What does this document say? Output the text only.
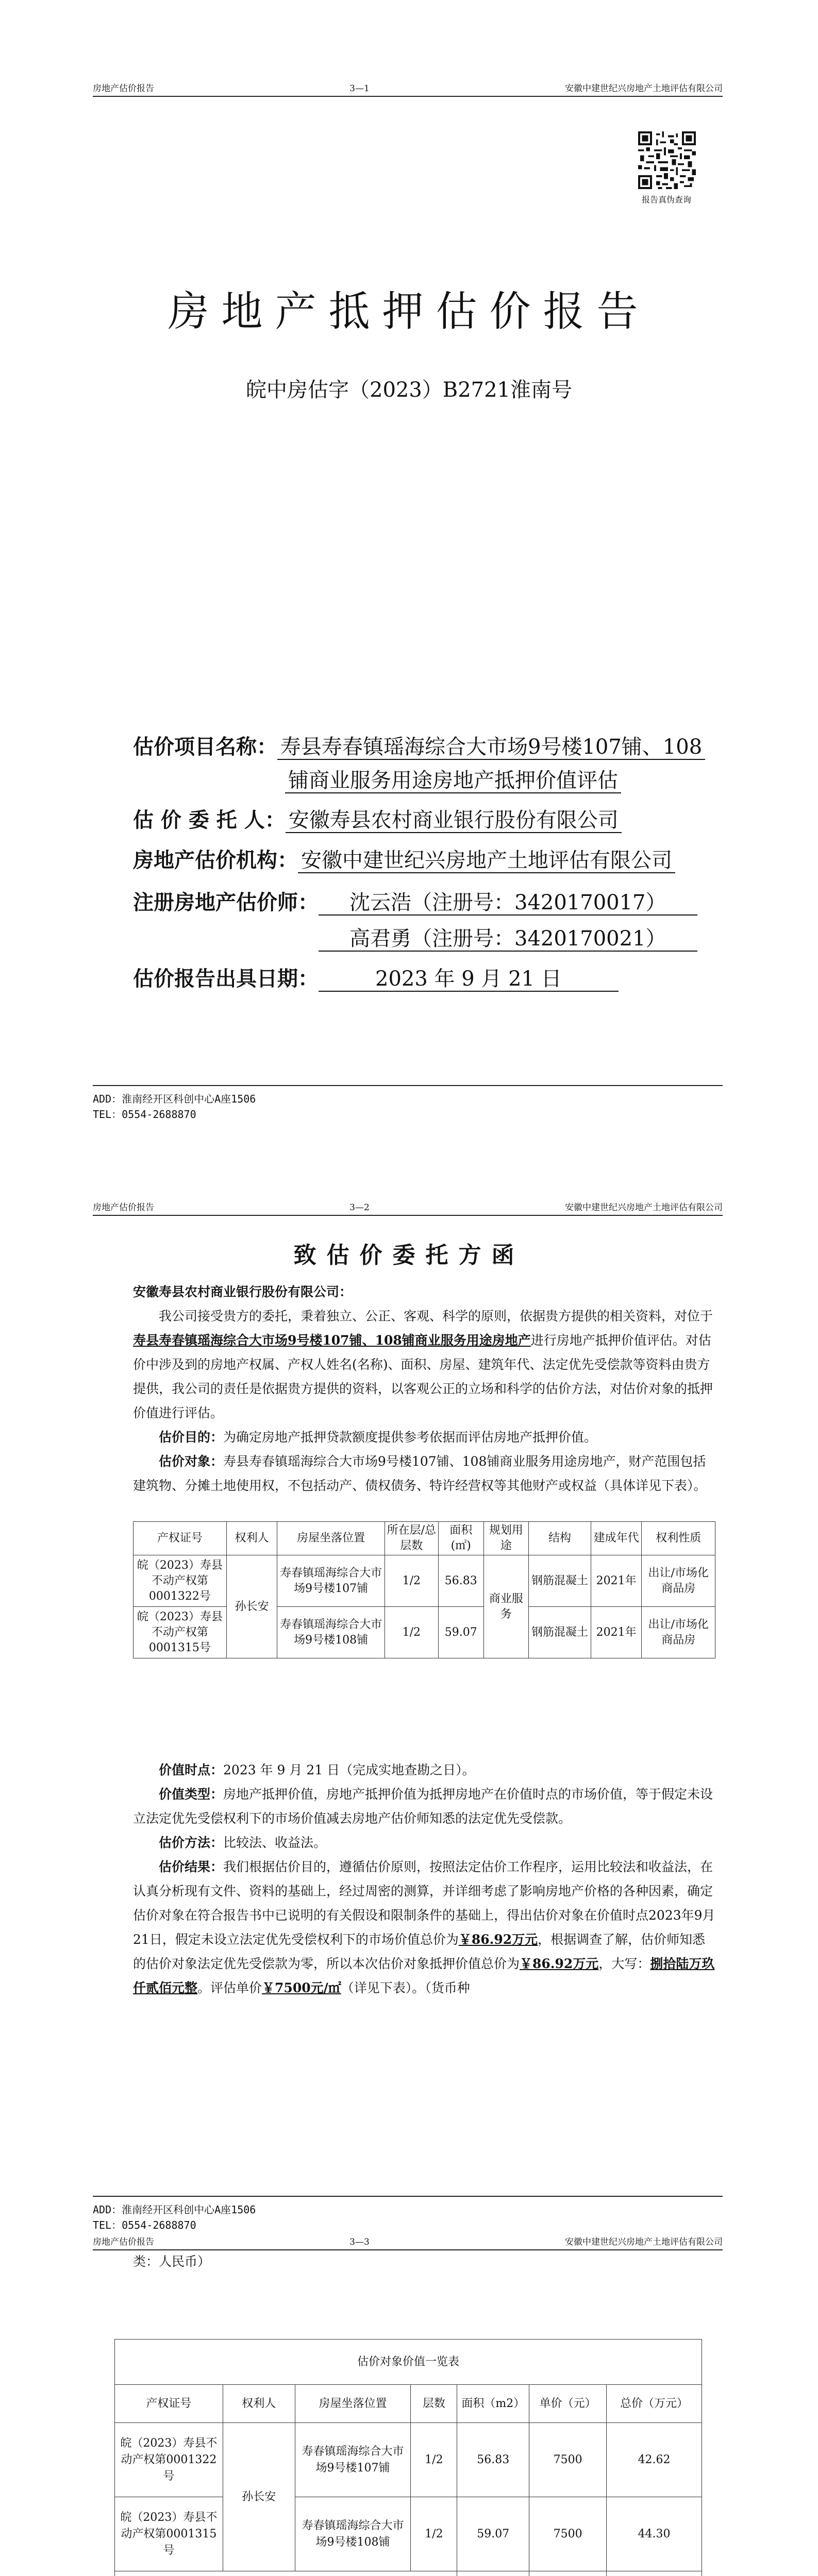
房地产估价报告	3—1	安徽中建世纪兴房地产土地评估有限公司
报告真伪查询
房地产抵押估价报告
皖中房估字（2023）B2721淮南号
估价项目名称： 寿县寿春镇瑶海综合大市场9号楼107铺、108
铺商业服务用途房地产抵押价值评估
估 价 委 托 人： 安徽寿县农村商业银行股份有限公司
房地产估价机构： 安徽中建世纪兴房地产土地评估有限公司
注册房地产估价师： 沈云浩（注册号：3420170017）
高君勇（注册号：3420170021）
估价报告出具日期：	2023 年 9 月 21 日
ADD：淮南经开区科创中心A座1506
TEL：0554-2688870
房地产估价报告	3—2	安徽中建世纪兴房地产土地评估有限公司
致估价委托方函

安徽寿县农村商业银行股份有限公司：

我公司接受贵方的委托，秉着独立、公正、客观、科学的原则，依据贵方提供的相关资料，对位于寿县寿春镇瑶海综合大市场9号楼107铺、108铺商业服务用途房地产进行房地产抵押价值评估。对估价中涉及到的房地产权属、产权人姓名(名称)、面积、房屋、建筑年代、法定优先受偿款等资料由贵方提供，我公司的责任是依据贵方提供的资料，以客观公正的立场和科学的估价方法，对估价对象的抵押价值进行评估。

估价目的：为确定房地产抵押贷款额度提供参考依据而评估房地产抵押价值。

估价对象：寿县寿春镇瑶海综合大市场9号楼107铺、108铺商业服务用途房地产，财产范围包括建筑物、分摊土地使用权，不包括动产、债权债务、特许经营权等其他财产或权益（具体详见下表）。

产权证号	权利人	房屋坐落位置	所在层/总层数	面积(㎡)	规划用途	结构	建成年代	权利性质
皖（2023）寿县不动产权第0001322号	孙长安	寿春镇瑶海综合大市场9号楼107铺	1/2	56.83	商业服务	钢筋混凝土	2021年	出让/市场化商品房
皖（2023）寿县不动产权第0001315号		寿春镇瑶海综合大市场9号楼108铺	1/2	59.07		钢筋混凝土	2021年	出让/市场化商品房

价值时点：2023 年 9 月 21 日（完成实地查勘之日）。

价值类型：房地产抵押价值，房地产抵押价值为抵押房地产在价值时点的市场价值，等于假定未设立法定优先受偿权利下的市场价值减去房地产估价师知悉的法定优先受偿款。

估价方法：比较法、收益法。

估价结果：我们根据估价目的，遵循估价原则，按照法定估价工作程序，运用比较法和收益法，在认真分析现有文件、资料的基础上，经过周密的测算，并详细考虑了影响房地产价格的各种因素，确定估价对象在符合报告书中已说明的有关假设和限制条件的基础上，得出估价对象在价值时点2023年9月21日，假定未设立法定优先受偿权利下的市场价值总价为￥86.92万元，根据调查了解，估价师知悉的估价对象法定优先受偿款为零，所以本次估价对象抵押价值总价为￥86.92万元，大写：捌拾陆万玖仟贰佰元整。评估单价￥7500元/㎡（详见下表）。（货币种

ADD：淮南经开区科创中心A座1506
TEL：0554-2688870
房地产估价报告	3—3	安徽中建世纪兴房地产土地评估有限公司

类：人民币）

估价对象价值一览表						
产权证号	权利人	房屋坐落位置	层数	面积（m2）	单价（元）	总价（万元）
皖（2023）寿县不动产权第0001322号	孙长安	寿春镇瑶海综合大市场9号楼107铺	1/2	56.83	7500	42.62
皖（2023）寿县不动产权第0001315号		寿春镇瑶海综合大市场9号楼108铺	1/2	59.07	7500	44.30
